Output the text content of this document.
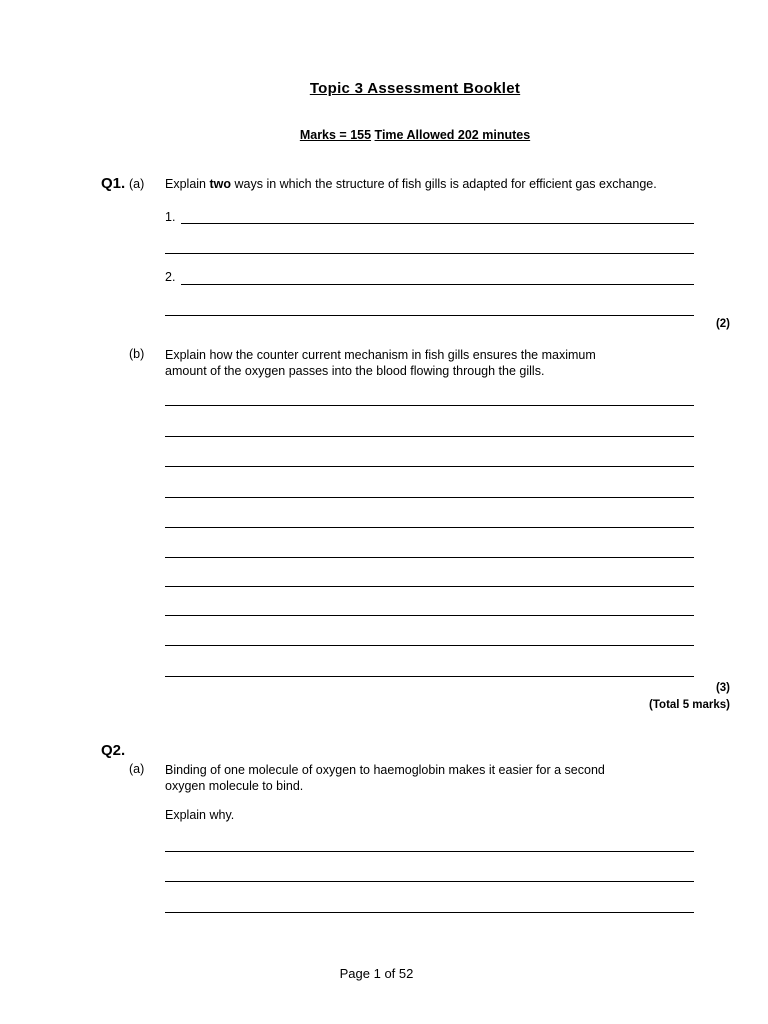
Topic 3 Assessment Booklet
Marks = 155 Time Allowed 202 minutes
Q1. (a) Explain two ways in which the structure of fish gills is adapted for efficient gas exchange.
1.
2.
(2)
(b) Explain how the counter current mechanism in fish gills ensures the maximum
amount of the oxygen passes into the blood flowing through the gills.
(3)
(Total 5 marks)
Q2.
(a) Binding of one molecule of oxygen to haemoglobin makes it easier for a second
oxygen molecule to bind.
Explain why.
Page 1 of 52
